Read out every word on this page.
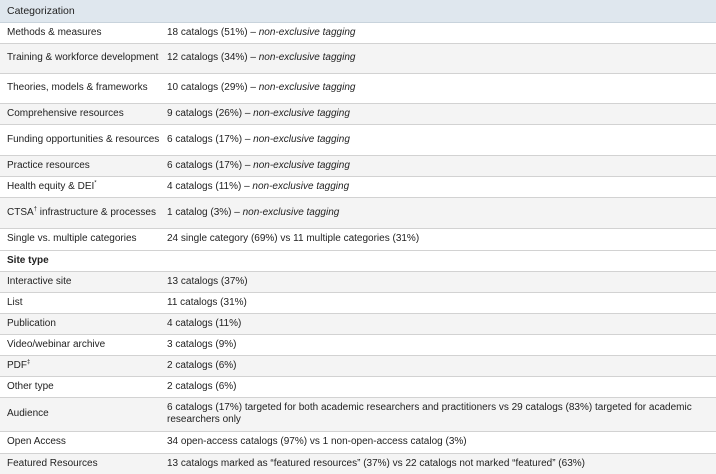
Categorization	
Methods & measures	18 catalogs (51%) – non-exclusive tagging
Training & workforce development	12 catalogs (34%) – non-exclusive tagging
Theories, models & frameworks	10 catalogs (29%) – non-exclusive tagging
Comprehensive resources	9 catalogs (26%) – non-exclusive tagging
Funding opportunities & resources	6 catalogs (17%) – non-exclusive tagging
Practice resources	6 catalogs (17%) – non-exclusive tagging
Health equity & DEI*	4 catalogs (11%) – non-exclusive tagging
CTSA† infrastructure & processes	1 catalog (3%) – non-exclusive tagging
Single vs. multiple categories	24 single category (69%) vs 11 multiple categories (31%)
Site type	
Interactive site	13 catalogs (37%)
List	11 catalogs (31%)
Publication	4 catalogs (11%)
Video/webinar archive	3 catalogs (9%)
PDF‡	2 catalogs (6%)
Other type	2 catalogs (6%)
Audience	6 catalogs (17%) targeted for both academic researchers and practitioners vs 29 catalogs (83%) targeted for academic researchers only
Open Access	34 open-access catalogs (97%) vs 1 non-open-access catalog (3%)
Featured Resources	13 catalogs marked as “featured resources” (37%) vs 22 catalogs not marked “featured” (63%)
